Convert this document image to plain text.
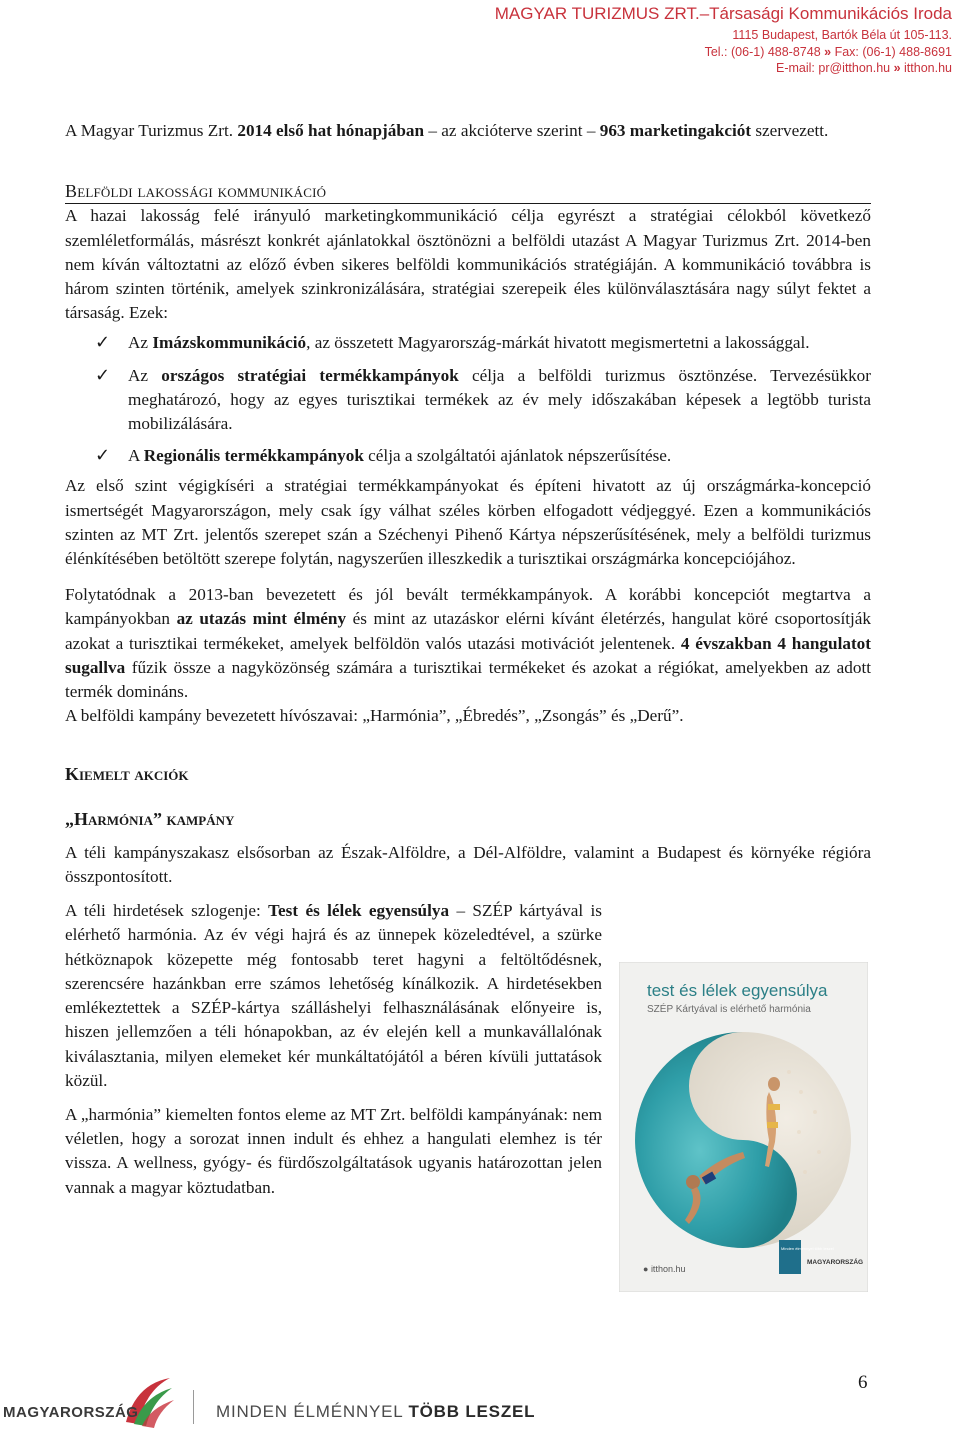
MAGYAR TURIZMUS ZRT.–Társasági Kommunikációs Iroda
1115 Budapest, Bartók Béla út 105-113.
Tel.: (06-1) 488-8748 » Fax: (06-1) 488-8691
E-mail: pr@itthon.hu » itthon.hu

A Magyar Turizmus Zrt. 2014 első hat hónapjában – az akcióterve szerint – 963 marketingakciót szervezett.

Belföldi lakossági kommunikáció

A hazai lakosság felé irányuló marketingkommunikáció célja egyrészt a stratégiai célokból következő szemléletformálás, másrészt konkrét ajánlatokkal ösztönözni a belföldi utazást A Magyar Turizmus Zrt. 2014-ben nem kíván változtatni az előző évben sikeres belföldi kommunikációs stratégiáján. A kommunikáció továbbra is három szinten történik, amelyek szinkronizálására, stratégiai szerepeik éles különválasztására nagy súlyt fektet a társaság. Ezek:

✓ Az Imázskommunikáció, az összetett Magyarország-márkát hivatott megismertetni a lakossággal.
✓ Az országos stratégiai termékkampányok célja a belföldi turizmus ösztönzése. Tervezésükkor meghatározó, hogy az egyes turisztikai termékek az év mely időszakában képesek a legtöbb turista mobilizálására.
✓ A Regionális termékkampányok célja a szolgáltatói ajánlatok népszerűsítése.

Az első szint végigkíséri a stratégiai termékkampányokat és építeni hivatott az új országmárka-koncepció ismertségét Magyarországon, mely csak így válhat széles körben elfogadott védjeggyé. Ezen a kommunikációs szinten az MT Zrt. jelentős szerepet szán a Széchenyi Pihenő Kártya népszerűsítésének, mely a belföldi turizmus élénkítésében betöltött szerepe folytán, nagyszerűen illeszkedik a turisztikai országmárka koncepciójához.

Folytatódnak a 2013-ban bevezetett és jól bevált termékkampányok. A korábbi koncepciót megtartva a kampányokban az utazás mint élmény és mint az utazáskor elérni kívánt életérzés, hangulat köré csoportosítják azokat a turisztikai termékeket, amelyek belföldön valós utazási motivációt jelentenek. 4 évszakban 4 hangulatot sugallva fűzik össze a nagyközönség számára a turisztikai termékeket és azokat a régiókat, amelyekben az adott termék domináns.

A belföldi kampány bevezetett hívószavai: „Harmónia”, „Ébredés”, „Zsongás” és „Derű”.

Kiemelt akciók
„Harmónia” kampány

A téli kampányszakasz elsősorban az Észak-Alföldre, a Dél-Alföldre, valamint a Budapest és környéke régióra összpontosított.

A téli hirdetések szlogenje: Test és lélek egyensúlya – SZÉP kártyával is elérhető harmónia. Az év végi hajrá és az ünnepek közeledtével, a szürke hétköznapok közepette még fontosabb teret hagyni a feltöltődésnek, szerencsére hazánkban erre számos lehetőség kínálkozik. A hirdetésekben emlékeztettek a SZÉP-kártya szálláshelyi felhasználásának előnyeire is, hiszen jellemzően a téli hónapokban, az év elején kell a munkavállalónak kiválasztania, milyen elemeket kér munkáltatójától a béren kívüli juttatások közül.

A „harmónia” kiemelten fontos eleme az MT Zrt. belföldi kampányának: nem véletlen, hogy a sorozat innen indult és ehhez a hangulati elemhez is tér vissza. A wellness, gyógy- és fürdőszolgáltatások ugyanis határozottan jelen vannak a magyar köztudatban.

test és lélek egyensúlya
SZÉP Kártyával is elérhető harmónia
● itthon.hu
Minden élménnyel több leszel
MAGYARORSZÁG
MAGYARORSZÁG	MINDEN ÉLMÉNNYEL TÖBB LESZEL
6
